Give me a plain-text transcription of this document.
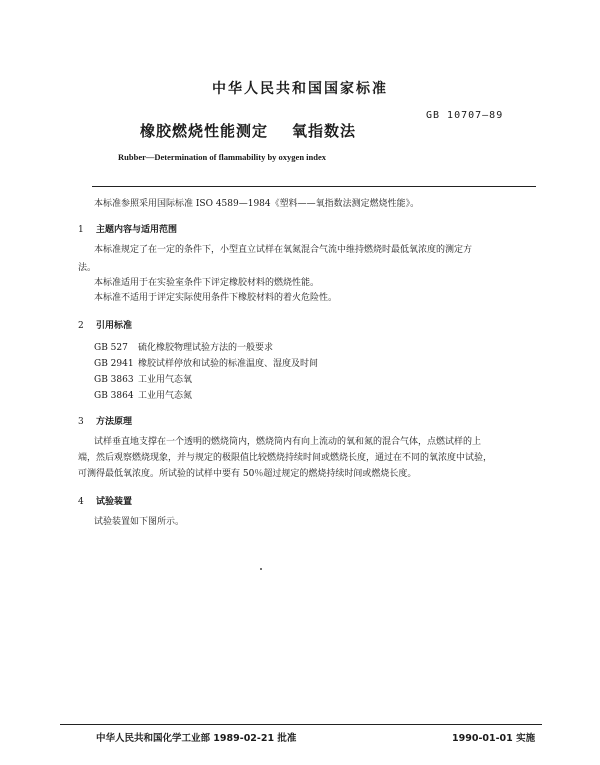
中华人民共和国国家标准
GB 10707—89
橡胶燃烧性能测定 氧指数法
Rubber—Determination of flammability by oxygen index
本标准参照采用国际标准 ISO 4589—1984《塑料——氧指数法测定燃烧性能》。
1 主题内容与适用范围
本标准规定了在一定的条件下，小型直立试样在氧氮混合气流中维持燃烧时最低氧浓度的测定方
法。
本标准适用于在实验室条件下评定橡胶材料的燃烧性能。
本标准不适用于评定实际使用条件下橡胶材料的着火危险性。
2 引用标准
GB 527 硫化橡胶物理试验方法的一般要求
GB 2941 橡胶试样停放和试验的标准温度、湿度及时间
GB 3863 工业用气态氧
GB 3864 工业用气态氮
3 方法原理
试样垂直地支撑在一个透明的燃烧筒内，燃烧筒内有向上流动的氧和氮的混合气体，点燃试样的上
端，然后观察燃烧现象，并与规定的极限值比较燃烧持续时间或燃烧长度，通过在不同的氧浓度中试验，
可测得最低氧浓度。所试验的试样中要有 50％超过规定的燃烧持续时间或燃烧长度。
4 试验装置
试验装置如下图所示。
中华人民共和国化学工业部 1989-02-21 批准	1990-01-01 实施
